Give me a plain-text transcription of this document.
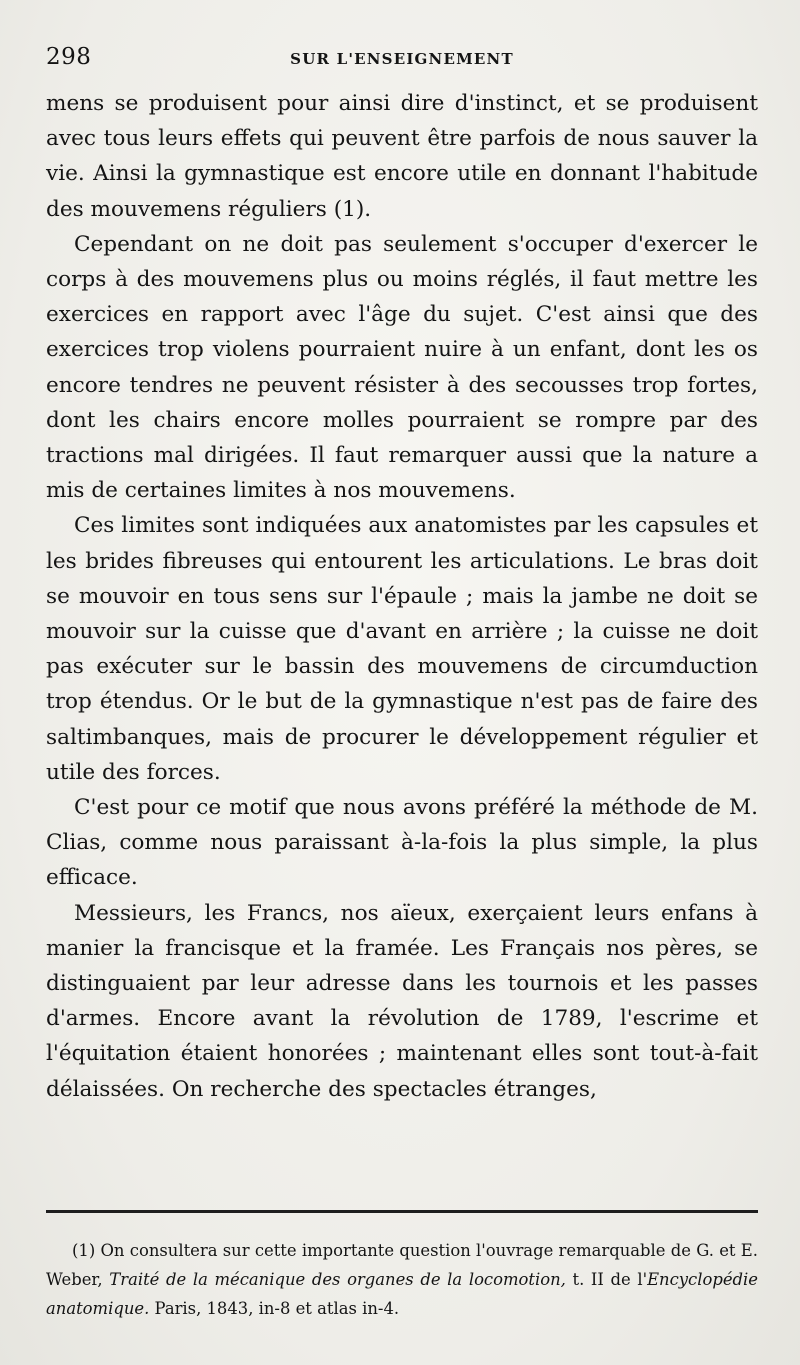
298	SUR L'ENSEIGNEMENT

mens se produisent pour ainsi dire d'instinct, et se produisent avec tous leurs effets qui peuvent être parfois de nous sauver la vie. Ainsi la gymnastique est encore utile en donnant l'habitude des mouvemens réguliers (1).

Cependant on ne doit pas seulement s'occuper d'exercer le corps à des mouvemens plus ou moins réglés, il faut mettre les exercices en rapport avec l'âge du sujet. C'est ainsi que des exercices trop violens pourraient nuire à un enfant, dont les os encore tendres ne peuvent résister à des secousses trop fortes, dont les chairs encore molles pourraient se rompre par des tractions mal dirigées. Il faut remarquer aussi que la nature a mis de certaines limites à nos mouvemens.

Ces limites sont indiquées aux anatomistes par les capsules et les brides fibreuses qui entourent les articulations. Le bras doit se mouvoir en tous sens sur l'épaule ; mais la jambe ne doit se mouvoir sur la cuisse que d'avant en arrière ; la cuisse ne doit pas exécuter sur le bassin des mouvemens de circumduction trop étendus. Or le but de la gymnastique n'est pas de faire des saltimbanques, mais de procurer le développement régulier et utile des forces.

C'est pour ce motif que nous avons préféré la méthode de M. Clias, comme nous paraissant à-la-fois la plus simple, la plus efficace.

Messieurs, les Francs, nos aïeux, exerçaient leurs enfans à manier la francisque et la framée. Les Français nos pères, se distinguaient par leur adresse dans les tournois et les passes d'armes. Encore avant la révolution de 1789, l'escrime et l'équitation étaient honorées ; maintenant elles sont tout-à-fait délaissées. On recherche des spectacles étranges,

(1) On consultera sur cette importante question l'ouvrage remarquable de G. et E. Weber, Traité de la mécanique des organes de la locomotion, t. II de l'Encyclopédie anatomique. Paris, 1843, in-8 et atlas in-4.
